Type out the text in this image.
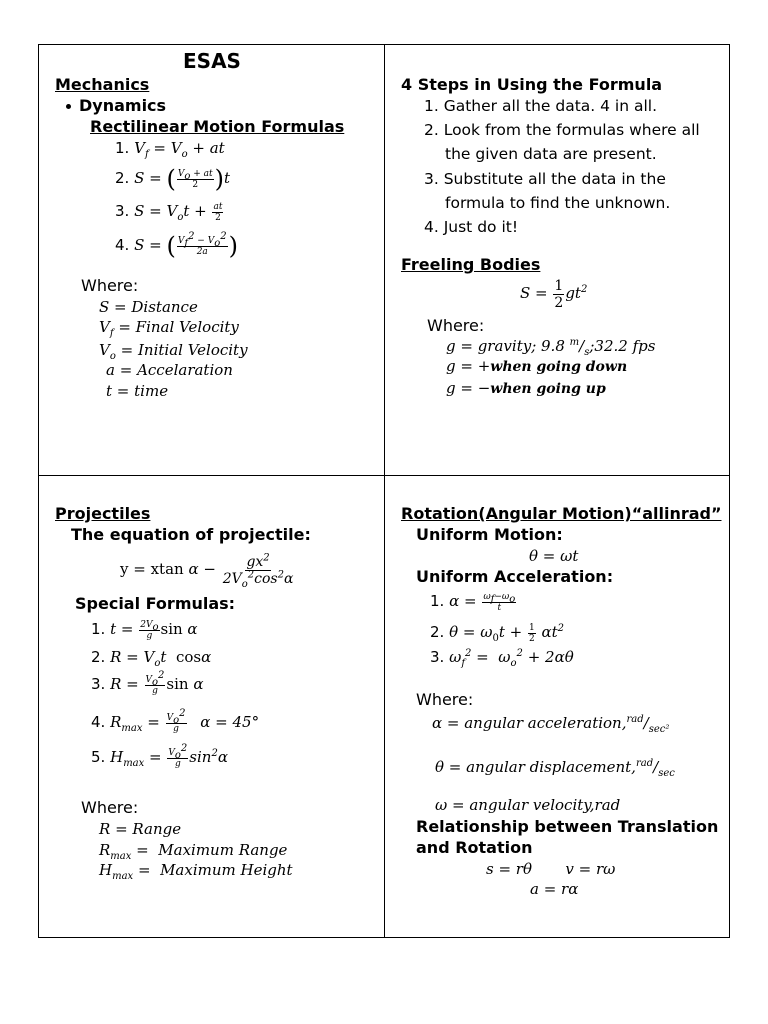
ESAS
Mechanics
Dynamics
Rectilinear Motion Formulas
1. $V_f = V_o$ + at
2. S = ( $\frac{V_o + at}{2} )t$
3. $S = V_ot + \frac{at}{2}$
4. S = ( $\frac{V_f^2 - V_o^2}{2a}$ )
Where:
S = Distance
$V_f$ = Final Velocity
$V_o$ = Initial Velocity
a = Accelaration
t = time
4 Steps in Using the Formula
1. Gather all the data. 4 in all.
2. Look from the formulas where all
the given data are present.
3. Substitute all the data in the
formula to find the unknown.
4. Just do it!
Freeling Bodies
$S = \frac{1}{2} gt^2$
Where:
g = gravity; 9.8 $^m/_s;32.2$ fps
g = +when going down
g = −when going up
Projectiles
The equation of projectile:
y = xtan $\alpha - \frac{gx^2}{2V_o^2\cos^2\alpha}$
Special Formulas:
1. $t = \frac{2V_o}{g}$ sin α
2. $R = V_ot$  cosα
3. $R = \frac{V_o^2}{g}$ sin α
4. $R_{max} = \frac{V_o^2}{g}$ α = 45°
5. $H_{max} = \frac{V_o^2}{g} \sin^2\alpha$
Where:
R = Range
$R_{max}$ =  Maximum Range
$H_{max}$ =  Maximum Height
Rotation(Angular Motion)“allinrad”
Uniform Motion:
θ = ωt
Uniform Acceleration:
1. $\alpha = \frac{\omega_f-\omega_o}{t}$
2. $\theta = \omega_0t + \frac{1}{2} \alpha t^2$
3. $\omega_f^2 = \omega_o^2 + 2\alpha\theta$
Where:
α = angular $acceleration,^{rad}/_{sec^2}$
θ = angular $displacement,^{rad}/_{sec}$
ω = angular velocity,rad
Relationship between Translation
and Rotation
s = rθ       v = rω
a = rα
